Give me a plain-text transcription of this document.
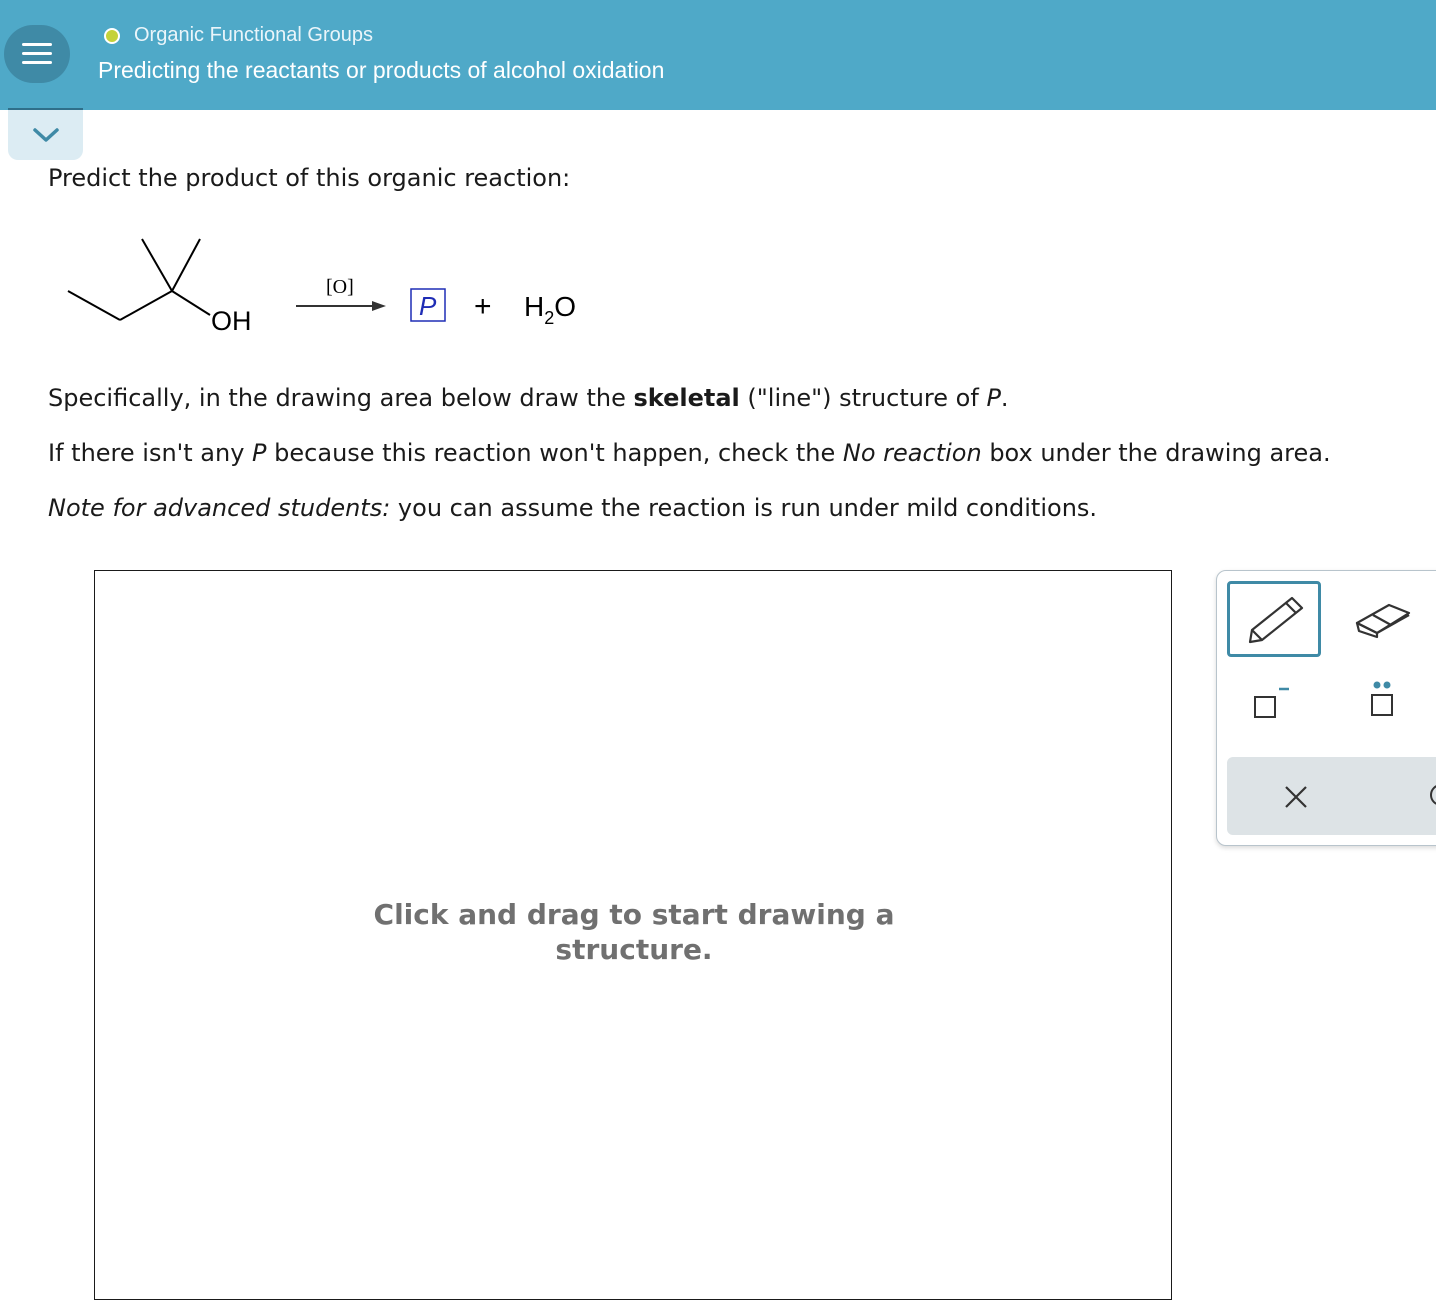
Organic Functional Groups
Predicting the reactants or products of alcohol oxidation
Predict the product of this organic reaction:
OH
[O]
$P + H_2O$
Specifically, in the drawing area below draw the skeletal ("line") structure of P.
If there isn't any P because this reaction won't happen, check the No reaction box under the drawing area.
Note for advanced students: you can assume the reaction is run under mild conditions.
Click and drag to start drawing a
structure.
